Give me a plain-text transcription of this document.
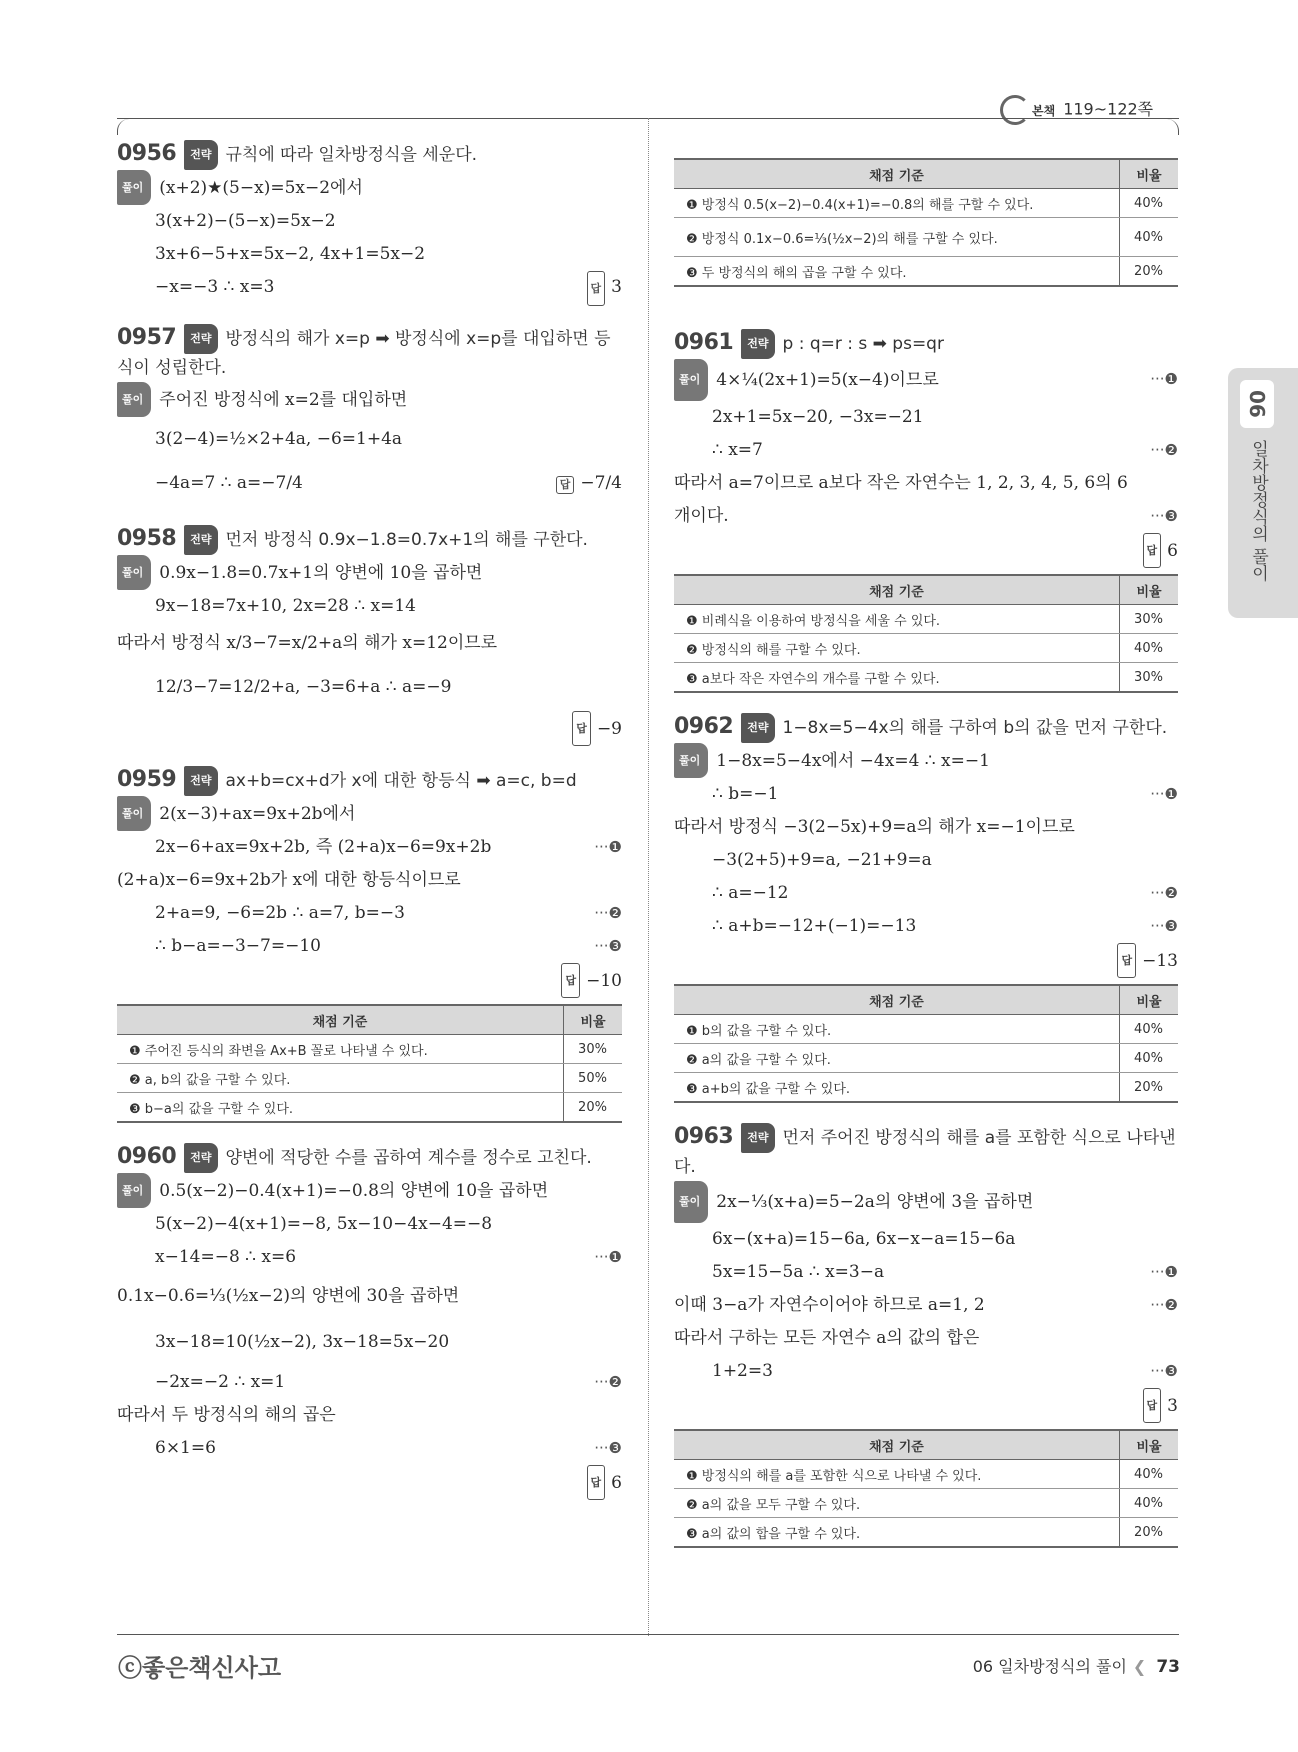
본책 119~122쪽
06
일차방정식의 풀이
0956 전략 규칙에 따라 일차방정식을 세운다.
풀이 (x+2)★(5−x)=5x−2에서
3(x+2)−(5−x)=5x−2
3x+6−5+x=5x−2, 4x+1=5x−2
−x=−3 ∴ x=3	답 3
0957 전략 방정식의 해가 x=p ➡ 방정식에 x=p를 대입하면 등식이 성립한다.
풀이 주어진 방정식에 x=2를 대입하면
3(2−4)=½×2+4a, −6=1+4a
−4a=7 ∴ a=−7/4	답 −7/4
0958 전략 먼저 방정식 0.9x−1.8=0.7x+1의 해를 구한다.
풀이 0.9x−1.8=0.7x+1의 양변에 10을 곱하면
9x−18=7x+10, 2x=28 ∴ x=14
따라서 방정식 x/3−7=x/2+a의 해가 x=12이므로
12/3−7=12/2+a, −3=6+a ∴ a=−9
답 −9
0959 전략 ax+b=cx+d가 x에 대한 항등식 ➡ a=c, b=d
풀이 2(x−3)+ax=9x+2b에서
2x−6+ax=9x+2b, 즉 (2+a)x−6=9x+2b	···❶
(2+a)x−6=9x+2b가 x에 대한 항등식이므로
2+a=9, −6=2b ∴ a=7, b=−3	···❷
∴ b−a=−3−7=−10	···❸
답 −10
채점 기준	비율
❶ 주어진 등식의 좌변을 Ax+B 꼴로 나타낼 수 있다.	30%
❷ a, b의 값을 구할 수 있다.	50%
❸ b−a의 값을 구할 수 있다.	20%
0960 전략 양변에 적당한 수를 곱하여 계수를 정수로 고친다.
풀이 0.5(x−2)−0.4(x+1)=−0.8의 양변에 10을 곱하면
5(x−2)−4(x+1)=−8, 5x−10−4x−4=−8
x−14=−8 ∴ x=6	···❶
0.1x−0.6=⅓(½x−2)의 양변에 30을 곱하면
3x−18=10(½x−2), 3x−18=5x−20
−2x=−2 ∴ x=1	···❷
따라서 두 방정식의 해의 곱은
6×1=6	···❸
답 6
채점 기준	비율
❶ 방정식 0.5(x−2)−0.4(x+1)=−0.8의 해를 구할 수 있다.	40%
❷ 방정식 0.1x−0.6=⅓(½x−2)의 해를 구할 수 있다.	40%
❸ 두 방정식의 해의 곱을 구할 수 있다.	20%
0961 전략 p : q=r : s ➡ ps=qr
풀이 4×¼(2x+1)=5(x−4)이므로	···❶
2x+1=5x−20, −3x=−21
∴ x=7	···❷
따라서 a=7이므로 a보다 작은 자연수는 1, 2, 3, 4, 5, 6의 6
개이다.	···❸
답 6
채점 기준	비율
❶ 비례식을 이용하여 방정식을 세울 수 있다.	30%
❷ 방정식의 해를 구할 수 있다.	40%
❸ a보다 작은 자연수의 개수를 구할 수 있다.	30%
0962 전략 1−8x=5−4x의 해를 구하여 b의 값을 먼저 구한다.
풀이 1−8x=5−4x에서 −4x=4 ∴ x=−1
∴ b=−1	···❶
따라서 방정식 −3(2−5x)+9=a의 해가 x=−1이므로
−3(2+5)+9=a, −21+9=a
∴ a=−12	···❷
∴ a+b=−12+(−1)=−13	···❸
답 −13
채점 기준	비율
❶ b의 값을 구할 수 있다.	40%
❷ a의 값을 구할 수 있다.	40%
❸ a+b의 값을 구할 수 있다.	20%
0963 전략 먼저 주어진 방정식의 해를 a를 포함한 식으로 나타낸다.
풀이 2x−⅓(x+a)=5−2a의 양변에 3을 곱하면
6x−(x+a)=15−6a, 6x−x−a=15−6a
5x=15−5a ∴ x=3−a	···❶
이때 3−a가 자연수이어야 하므로 a=1, 2	···❷
따라서 구하는 모든 자연수 a의 값의 합은
1+2=3	···❸
답 3
채점 기준	비율
❶ 방정식의 해를 a를 포함한 식으로 나타낼 수 있다.	40%
❷ a의 값을 모두 구할 수 있다.	40%
❸ a의 값의 합을 구할 수 있다.	20%
ⓒ좋은책신사고	06 일차방정식의 풀이 ❮ 73
